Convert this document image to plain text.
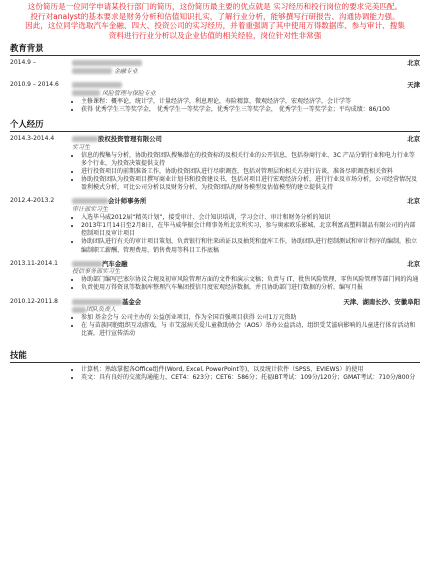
这份简历是一位同学申请某投行部门的简历，这份简历最主要的优点就是 实习经历和投行岗位的要求完美匹配。
投行对analyst的基本要求是财务分析和估值知识扎实，了解行业分析，能够撰写行研报告、沟通协调能力强。
因此，这位同学选取汽车金融、四大、投资公司的实习经历，并着重强调了其中使用万得数据库、参与审计、搜集资料进行行业分析以及企业估值的相关经验，岗位针对性非常强
教育背景
2014.9 –	北京
金融专业
2010.9 – 2014.6	天津
风险管理与保险专业
• 主修课程：概率论，统计学，计量经济学，利息理论，寿险精算，微观经济学，宏观经济学，会计学等
• 获得 优秀学生三等奖学金， 优秀学生一等奖学金，优秀学生三等奖学金， 优秀学生一等奖学金；平均成绩：86/100
个人经历
2014.3-2014.4	股权投资管理有限公司	北京
实习生
• 信息的搜集与分析，协助投资团队搜集潜在的投资标的及相关行业的公开信息，包括券商行业、3C 产品分销行业和电力行业等多个行业，为投资决策提供支持
• 进行投资项目的前期准备工作，协助投资团队进行尽职调查，包括对管理层和相关方进行访谈，准备尽职调查相关资料
• 协助投资团队为投资项目撰写商业计划书和投资建议书，包括对项目进行宏观经济分析，进行行业及市场分析，公司经营情况及盈利模式分析，可比公司分析以及财务分析，为投资团队的财务模型及估值模型的建立提供支持
2012.4-2013.2	会计师事务所	北京
审计部实习生
• 入选毕马威2012届“精英计划”，接受审计、会计知识培训，学习会计、审计和财务分析的知识
• 2013年1月14日至2月8日，在毕马威华振会计师事务所北京所实习，参与奥索欧乐影城、北京利富高塑料制品有限公司的内部控制项目及审计项目
• 协助团队进行有关的审计项目策划，负责银行和往来函证以及抽凭和盘库工作，协助团队进行控制测试和审计程序的编制，独立编制职工薪酬、管理费用、销售费用等科目工作底稿
2013.11-2014.1	汽车金融	北京
授信事务部实习生
• 协助部门编写巴塞尔协议合规及初审风险管理方面的文件和演示文稿；负责与 IT、批售风险管理、零售风险管理等部门间的沟通
• 负责使用万得资讯等数据库整理汽车集团授信月度宏观经济数据，并且协助部门进行数据的分析，编写月报
2010.12-2011.8	基金会	天津、湖南长沙、安徽阜阳
团队负责人
• 参加 基金会与 公司主办的 公益创业项目，作为全国百强项目获得 公司1万元资助
• 在 与苗族同胞组织互动游戏，与 市艾滋病关爱儿童救助协会（AOS）举办公益活动，组织受艾滋病影响的儿童进行体育活动和比赛，进行宣传活动
技能
• 计算机：熟练掌握各Office组件(Word, Excel, PowerPoint等)，以及统计软件（SPSS、EVIEWS）的使用
• 英文：具有良好的交流沟通能力，CET4：623分；CET6：586分；托福IBT考试：109分/120分；GMAT考试：710分/800分
